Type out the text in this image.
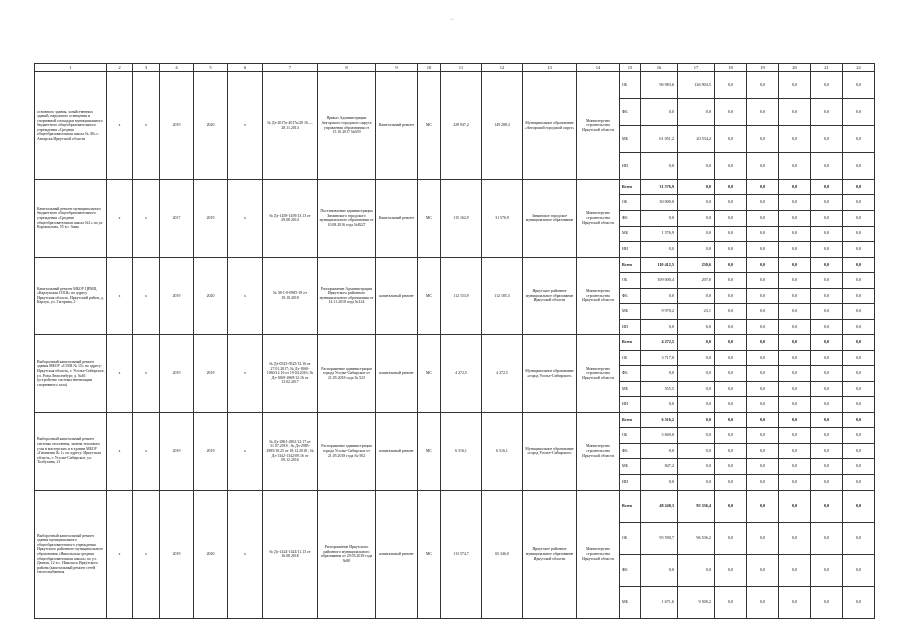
··
1	2	3	4	5	6	7	8	9	10	11	12	13	14	15	16	17	18	19	20	21	22
основного здания, хозяйственных зданий, наружного освещения и спортивной площадки муниципального бюджетного общеобразовательного учреждения «Средняя общеобразовательная школа № 38» г. Ангарска Иркутской области	х	х	2019	2020	х	№ Дз-2017к-2017к/20 16 — 28.11.2014	Приказ Администрации Ангарского городского округа управления образования от 15.10.2017 №659	Капитальный ремонт	МС	228 947,2	149 288,3	Муниципальное образование «Ангарский городской округ»	Министерство строительства Иркутской области	ОБ	96 983,6	126 904,5	0,0	0,0	0,0	0,0	0,0
														ФБ	0,0	0,0	0,0	0,0	0,0	0,0	0,0
														МБ	61 051,2	20 534,2	0,0	0,0	0,0	0,0	0,0
														ИИ	0,0	0,0	0,0	0,0	0,0	0,0	0,0
Капитальный ремонт муниципального бюджетного общеобразовательного учреждения «Средняя общеобразовательная школа №1» по ул. Ворошилова, 55 в г. Зима	х	х	2017	2019	х	№ Дз-1458-1459/13.13 от 29.08.2014	Постановление администрации Зиминского городского муниципального образования от 10.08.2016 года №8227	Капитальный ремонт	МС	115 162,9	31 576,9	Зиминское городское муниципальное образование	Министерство строительства Иркутской области	Всего	31 576,9	0,0	0,0	0,0	0,0	0,0	0,0
														ОБ	30 000,0	0,0	0,0	0,0	0,0	0,0	0,0
														ФБ	0,0	0,0	0,0	0,0	0,0	0,0	0,0
														МБ	1 576,9	0,0	0,0	0,0	0,0	0,0	0,0
														ИИ	0,0	0,0	0,0	0,0	0,0	0,0	0,0
Капитальный ремонт МБОУ ЦРМЦ «Карлукская СОШ» по адресу Иркутская область, Иркутский район, д. Карлук, ул. Гагарина, 2	х	х	2019	2020	х	№ 38-1-0-0985-18 от 19.10.2018	Распоряжение Администрации Иркутского районного муниципального образования от 14.11.2018 года №124	капитальный ремонт	МС	112 153,9	112 185,3	Иркутское районное муниципальное образование Иркутской области	Министерство строительства Иркутской области	Всего	110 412,5	230,6	0,0	0,0	0,0	0,0	0,0
														ОБ	109 000,4	207,0	0,0	0,0	0,0	0,0	0,0
														ФБ	0,0	0,0	0,0	0,0	0,0	0,0	0,0
														МБ	9 970,2	23,1	0,0	0,0	0,0	0,0	0,0
														ИИ	0,0	0,0	0,0	0,0	0,0	0,0	0,0
Выборочный капитальный ремонт здания МБОУ «СОШ № 15» по адресу: Иркутская область, г. Усолье-Сибирское, ул. Розы Люксембург, д. №46 (устройство системы вентиляции спортивного зала)	х	х	2019	2019	х	№ Дз-0525-0525/12.16 от 27.01.2017; № Дз-1060-1060/12.16 от 19.04.2016; № Дз-1069-1069/12.16 от 13.02.2017	Распоряжение администрации города Усолье-Сибирское от 21.05.2018 года № 523	капитальный ремонт	МС	4 272,5	4 272,5	Муниципальное образование «город Усолье-Сибирское»	Министерство строительства Иркутской области	Всего	4 272,5	0,0	0,0	0,0	0,0	0,0	0,0
														ОБ	3 717,0	0,0	0,0	0,0	0,0	0,0	0,0
														ФБ	0,0	0,0	0,0	0,0	0,0	0,0	0,0
														МБ	555,5	0,0	0,0	0,0	0,0	0,0	0,0
														ИИ	0,0	0,0	0,0	0,0	0,0	0,0	0,0
Выборочный капитальный ремонт системы отопления, замена теплового узла в мастерских и в здании МБОУ «Гимназия № 1» по адресу: Иркутская область, г. Усолье-Сибирское, ул. Толбухина, 21	х	х	2019	2019	х	№ Дз-2861-2861/12.17 от 31.07.2018 ; № Дз-2985-2985/10.25 от 18.12.2018 ; № Дз-1342-1342/09.16 от 09.12.2016	Распоряжение администрации города Усолье-Сибирское от 21.05.2018 года №-502	капитальный ремонт	МС	6 516,1	6 516,1	Муниципальное образование «город Усолье-Сибирское»	Министерство строительства Иркутской области	Всего	6 516,2	0,0	0,0	0,0	0,0	0,0	0,0
														ОБ	5 669,0	0,0	0,0	0,0	0,0	0,0	0,0
														ФБ	0,0	0,0	0,0	0,0	0,0	0,0	0,0
														МБ	847,2	0,0	0,0	0,0	0,0	0,0	0,0
														ИИ	0,0	0,0	0,0	0,0	0,0	0,0	0,0
Выборочный капитальный ремонт здания муниципального общеобразовательного учреждения Иркутского районного муниципального образования «Никольская средняя общеобразовательная школа» по ул. Дачная, 12 в с. Никольск Иркутского района (капитальный ремонт сетей теплоснабжения	х	х	2019	2020	х	№ Дз-1424-1424/11.13 от 16.08.2018	Распоряжение Иркутского районного муниципального образования от 29.05.2018 года №80	капитальный ремонт	МС	113 574,7	65 346,0	Иркутское районное муниципальное образование Иркутской области	Министерство строительства Иркутской области	Всего	48 240,3	95 336,4	0,0	0,0	0,0	0,0	0,0
														ОБ	95 590,7	96 536,2	0,0	0,0	0,0	0,0	0,0
														ФБ	0,0	0,0	0,0	0,0	0,0	0,0	0,0
														МБ	1 671,6	9 500,2	0,0	0,0	0,0	0,0	0,0
